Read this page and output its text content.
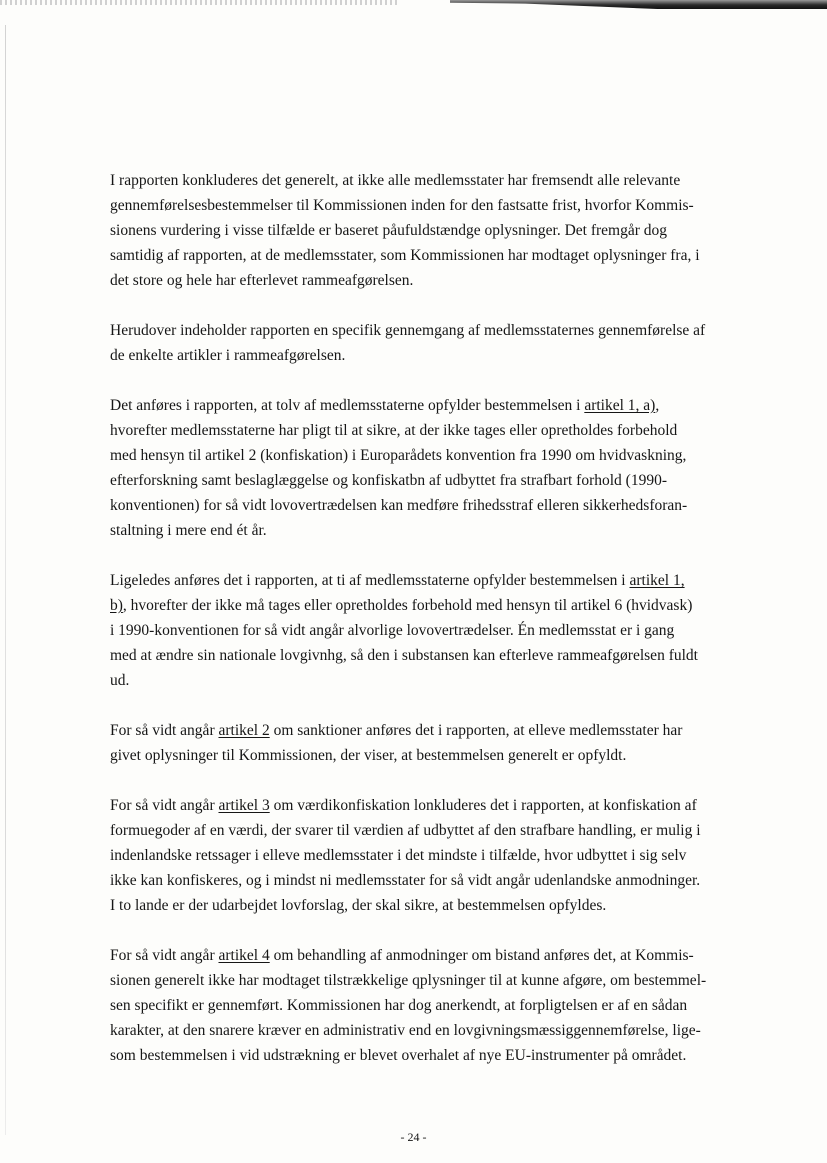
I rapporten konkluderes det generelt, at ikke alle medlemsstater har fremsendt alle relevante
gennemførelsesbestemmelser til Kommissionen inden for den fastsatte frist, hvorfor Kommis-
sionens vurdering i visse tilfælde er baseret påufuldstændge oplysninger. Det fremgår dog
samtidig af rapporten, at de medlemsstater, som Kommissionen har modtaget oplysninger fra, i
det store og hele har efterlevet rammeafgørelsen.

Herudover indeholder rapporten en specifik gennemgang af medlemsstaternes gennemførelse af
de enkelte artikler i rammeafgørelsen.

Det anføres i rapporten, at tolv af medlemsstaterne opfylder bestemmelsen i artikel 1, a),
hvorefter medlemsstaterne har pligt til at sikre, at der ikke tages eller opretholdes forbehold
med hensyn til artikel 2 (konfiskation) i Europarådets konvention fra 1990 om hvidvaskning,
efterforskning samt beslaglæggelse og konfiskatbn af udbyttet fra strafbart forhold (1990-
konventionen) for så vidt lovovertrædelsen kan medføre frihedsstraf elleren sikkerhedsforan-
staltning i mere end ét år.

Ligeledes anføres det i rapporten, at ti af medlemsstaterne opfylder bestemmelsen i artikel 1,
b), hvorefter der ikke må tages eller opretholdes forbehold med hensyn til artikel 6 (hvidvask)
i 1990-konventionen for så vidt angår alvorlige lovovertrædelser. Én medlemsstat er i gang
med at ændre sin nationale lovgivnhg, så den i substansen kan efterleve rammeafgørelsen fuldt
ud.

For så vidt angår artikel 2 om sanktioner anføres det i rapporten, at elleve medlemsstater har
givet oplysninger til Kommissionen, der viser, at bestemmelsen generelt er opfyldt.

For så vidt angår artikel 3 om værdikonfiskation lonkluderes det i rapporten, at konfiskation af
formuegoder af en værdi, der svarer til værdien af udbyttet af den strafbare handling, er mulig i
indenlandske retssager i elleve medlemsstater i det mindste i tilfælde, hvor udbyttet i sig selv
ikke kan konfiskeres, og i mindst ni medlemsstater for så vidt angår udenlandske anmodninger.
I to lande er der udarbejdet lovforslag, der skal sikre, at bestemmelsen opfyldes.

For så vidt angår artikel 4 om behandling af anmodninger om bistand anføres det, at Kommis-
sionen generelt ikke har modtaget tilstrækkelige qplysninger til at kunne afgøre, om bestemmel-
sen specifikt er gennemført. Kommissionen har dog anerkendt, at forpligtelsen er af en sådan
karakter, at den snarere kræver en administrativ end en lovgivningsmæssiggennemførelse, lige-
som bestemmelsen i vid udstrækning er blevet overhalet af nye EU-instrumenter på området.

- 24 -
